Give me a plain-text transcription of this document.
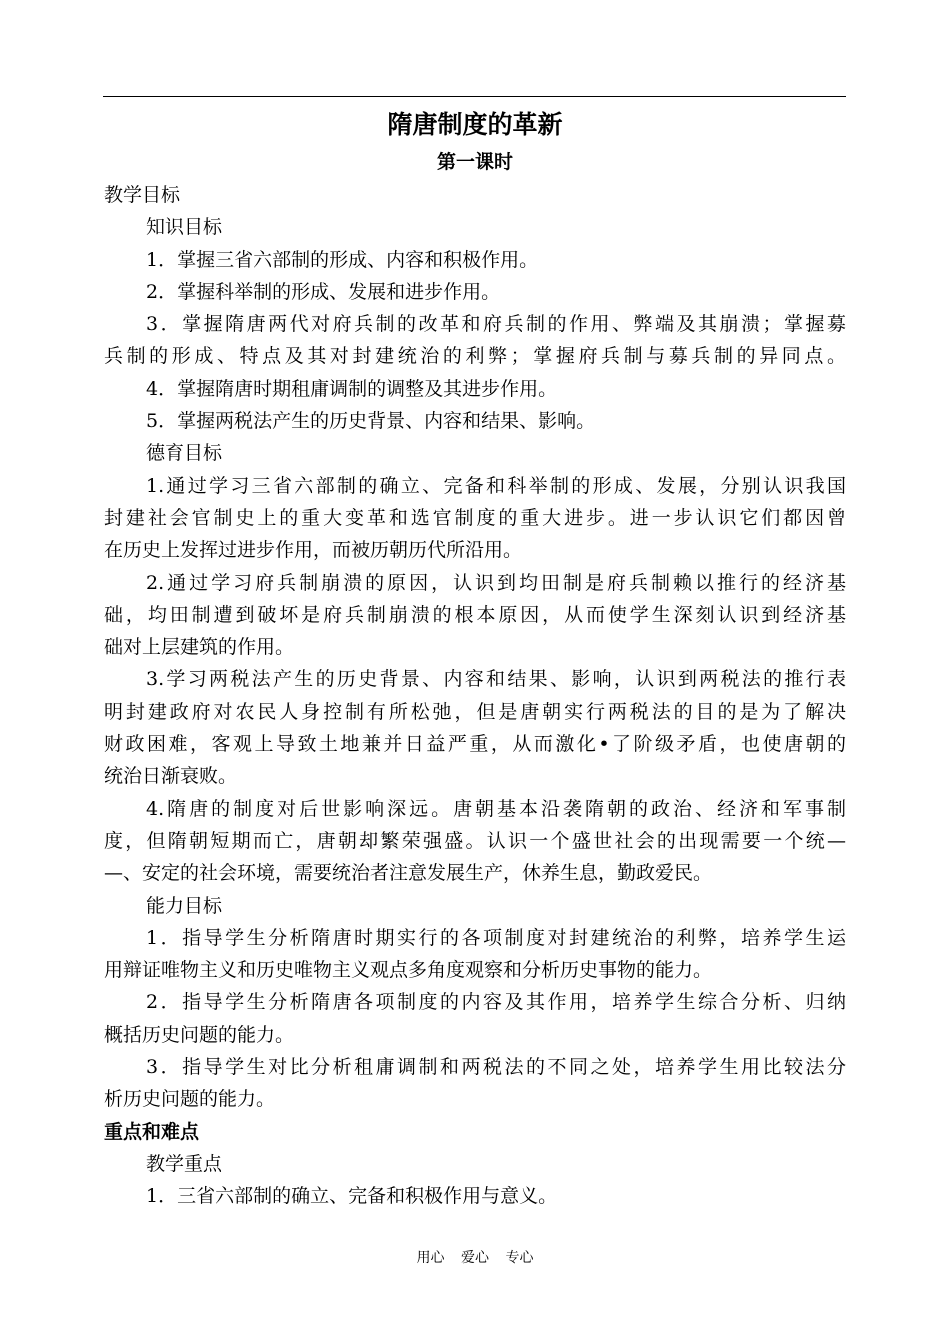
隋唐制度的革新
第一课时
教学目标
知识目标
1．掌握三省六部制的形成、内容和积极作用。
2．掌握科举制的形成、发展和进步作用。
3．掌握隋唐两代对府兵制的改革和府兵制的作用、弊端及其崩溃；掌握募
兵制的形成、特点及其对封建统治的利弊；掌握府兵制与募兵制的异同点。
4．掌握隋唐时期租庸调制的调整及其进步作用。
5．掌握两税法产生的历史背景、内容和结果、影响。
德育目标
1.通过学习三省六部制的确立、完备和科举制的形成、发展，分别认识我国
封建社会官制史上的重大变革和选官制度的重大进步。进一步认识它们都因曾
在历史上发挥过进步作用，而被历朝历代所沿用。
2.通过学习府兵制崩溃的原因，认识到均田制是府兵制赖以推行的经济基
础，均田制遭到破坏是府兵制崩溃的根本原因，从而使学生深刻认识到经济基
础对上层建筑的作用。
3.学习两税法产生的历史背景、内容和结果、影响，认识到两税法的推行表
明封建政府对农民人身控制有所松弛，但是唐朝实行两税法的目的是为了解决
财政困难，客观上导致土地兼并日益严重，从而激化•了阶级矛盾，也使唐朝的
统治日渐衰败。
4.隋唐的制度对后世影响深远。唐朝基本沿袭隋朝的政治、经济和军事制
度，但隋朝短期而亡，唐朝却繁荣强盛。认识一个盛世社会的出现需要一个统—
—、安定的社会环境，需要统治者注意发展生产，休养生息，勤政爱民。
能力目标
1．指导学生分析隋唐时期实行的各项制度对封建统治的利弊，培养学生运
用辩证唯物主义和历史唯物主义观点多角度观察和分析历史事物的能力。
2．指导学生分析隋唐各项制度的内容及其作用，培养学生综合分析、归纳
概括历史问题的能力。
3．指导学生对比分析租庸调制和两税法的不同之处，培养学生用比较法分
析历史问题的能力。
重点和难点
教学重点
1．三省六部制的确立、完备和积极作用与意义。
用心 爱心 专心
